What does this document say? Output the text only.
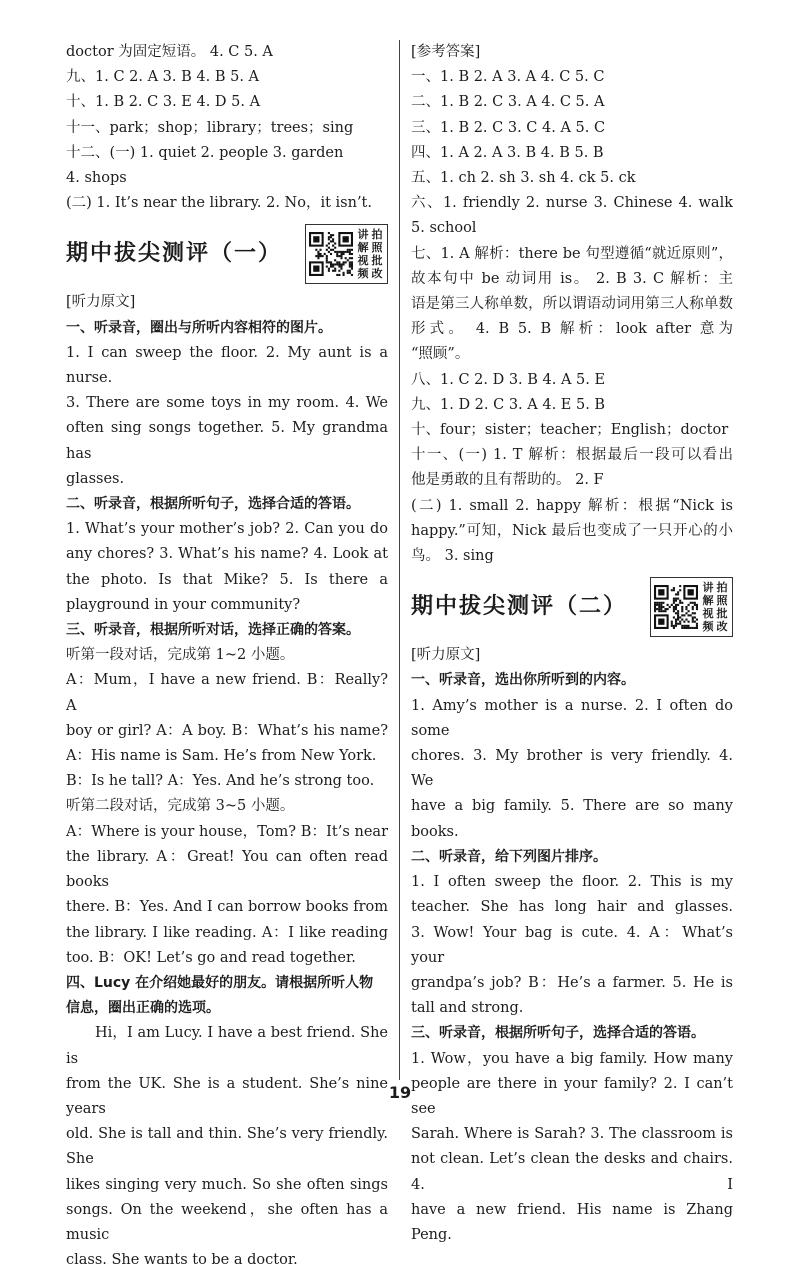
doctor 为固定短语。 4. C 5. A
九、1. C 2. A 3. B 4. B 5. A
十、1. B 2. C 3. E 4. D 5. A
十一、park；shop；library；trees；sing
十二、(一) 1. quiet 2. people 3. garden
4. shops
(二) 1. It’s near the library. 2. No，it isn’t.
期中拔尖测评（一）
讲 拍
解 照
视 批
频 改
[听力原文]
一、听录音，圈出与所听内容相符的图片。
1. I can sweep the floor. 2. My aunt is a nurse.
3. There are some toys in my room. 4. We
often sing songs together. 5. My grandma has
glasses.
二、听录音，根据所听句子，选择合适的答语。
1. What’s your mother’s job? 2. Can you do
any chores? 3. What’s his name? 4. Look at
the photo. Is that Mike? 5. Is there a
playground in your community?
三、听录音，根据所听对话，选择正确的答案。
听第一段对话，完成第 1~2 小题。
A：Mum，I have a new friend. B：Really? A
boy or girl? A：A boy. B：What’s his name?
A：His name is Sam. He’s from New York.
B：Is he tall? A：Yes. And he’s strong too.
听第二段对话，完成第 3~5 小题。
A：Where is your house，Tom? B：It’s near
the library. A：Great! You can often read books
there. B：Yes. And I can borrow books from
the library. I like reading. A：I like reading
too. B：OK! Let’s go and read together.
四、Lucy 在介绍她最好的朋友。请根据所听人物
信息，圈出正确的选项。
Hi，I am Lucy. I have a best friend. She is
from the UK. She is a student. She’s nine years
old. She is tall and thin. She’s very friendly. She
likes singing very much. So she often sings
songs. On the weekend，she often has a music
class. She wants to be a doctor.
[参考答案]
一、1. B 2. A 3. A 4. C 5. C
二、1. B 2. C 3. A 4. C 5. A
三、1. B 2. C 3. C 4. A 5. C
四、1. A 2. A 3. B 4. B 5. B
五、1. ch 2. sh 3. sh 4. ck 5. ck
六、1. friendly 2. nurse 3. Chinese 4. walk
5. school
七、1. A 解析：there be 句型遵循“就近原则”，
故本句中 be 动词用 is。 2. B 3. C 解析：主
语是第三人称单数，所以谓语动词用第三人称单数
形式。 4. B 5. B 解析：look after 意为
“照顾”。
八、1. C 2. D 3. B 4. A 5. E
九、1. D 2. C 3. A 4. E 5. B
十、four；sister；teacher；English；doctor
十一、(一) 1. T 解析：根据最后一段可以看出
他是勇敢的且有帮助的。 2. F
(二) 1. small 2. happy 解析：根据“Nick is
happy.”可知，Nick 最后也变成了一只开心的小
鸟。 3. sing
期中拔尖测评（二）
讲 拍
解 照
视 批
频 改
[听力原文]
一、听录音，选出你所听到的内容。
1. Amy’s mother is a nurse. 2. I often do some
chores. 3. My brother is very friendly. 4. We
have a big family. 5. There are so many books.
二、听录音，给下列图片排序。
1. I often sweep the floor. 2. This is my
teacher. She has long hair and glasses.
3. Wow! Your bag is cute. 4. A：What’s your
grandpa’s job? B：He’s a farmer. 5. He is
tall and strong.
三、听录音，根据所听句子，选择合适的答语。
1. Wow，you have a big family. How many
people are there in your family? 2. I can’t see
Sarah. Where is Sarah? 3. The classroom is
not clean. Let’s clean the desks and chairs. 4. I
have a new friend. His name is Zhang Peng.
19
